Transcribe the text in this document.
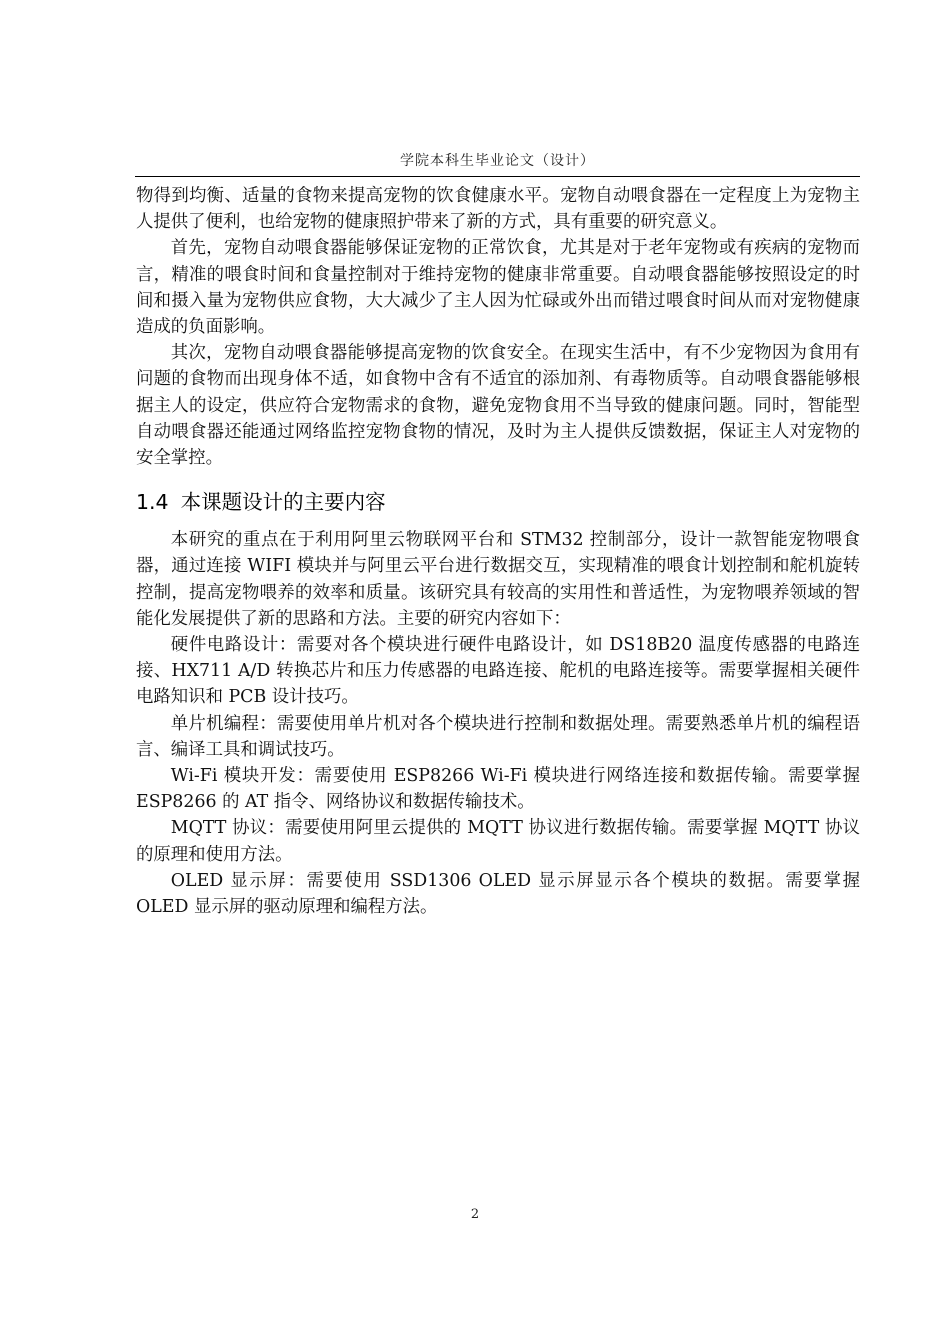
学院本科生毕业论文（设计）

物得到均衡、适量的食物来提高宠物的饮食健康水平。宠物自动喂食器在一定程度上为宠物主人提供了便利，也给宠物的健康照护带来了新的方式，具有重要的研究意义。

首先，宠物自动喂食器能够保证宠物的正常饮食，尤其是对于老年宠物或有疾病的宠物而言，精准的喂食时间和食量控制对于维持宠物的健康非常重要。自动喂食器能够按照设定的时间和摄入量为宠物供应食物，大大减少了主人因为忙碌或外出而错过喂食时间从而对宠物健康造成的负面影响。

其次，宠物自动喂食器能够提高宠物的饮食安全。在现实生活中，有不少宠物因为食用有问题的食物而出现身体不适，如食物中含有不适宜的添加剂、有毒物质等。自动喂食器能够根据主人的设定，供应符合宠物需求的食物，避免宠物食用不当导致的健康问题。同时，智能型自动喂食器还能通过网络监控宠物食物的情况，及时为主人提供反馈数据，保证主人对宠物的安全掌控。

1.4 本课题设计的主要内容

本研究的重点在于利用阿里云物联网平台和 STM32 控制部分，设计一款智能宠物喂食器，通过连接 WIFI 模块并与阿里云平台进行数据交互，实现精准的喂食计划控制和舵机旋转控制，提高宠物喂养的效率和质量。该研究具有较高的实用性和普适性，为宠物喂养领域的智能化发展提供了新的思路和方法。主要的研究内容如下：

硬件电路设计：需要对各个模块进行硬件电路设计，如 DS18B20 温度传感器的电路连接、HX711 A/D 转换芯片和压力传感器的电路连接、舵机的电路连接等。需要掌握相关硬件电路知识和 PCB 设计技巧。

单片机编程：需要使用单片机对各个模块进行控制和数据处理。需要熟悉单片机的编程语言、编译工具和调试技巧。

Wi-Fi 模块开发：需要使用 ESP8266 Wi-Fi 模块进行网络连接和数据传输。需要掌握 ESP8266 的 AT 指令、网络协议和数据传输技术。

MQTT 协议：需要使用阿里云提供的 MQTT 协议进行数据传输。需要掌握 MQTT 协议的原理和使用方法。

OLED 显示屏：需要使用 SSD1306 OLED 显示屏显示各个模块的数据。需要掌握 OLED 显示屏的驱动原理和编程方法。

2
